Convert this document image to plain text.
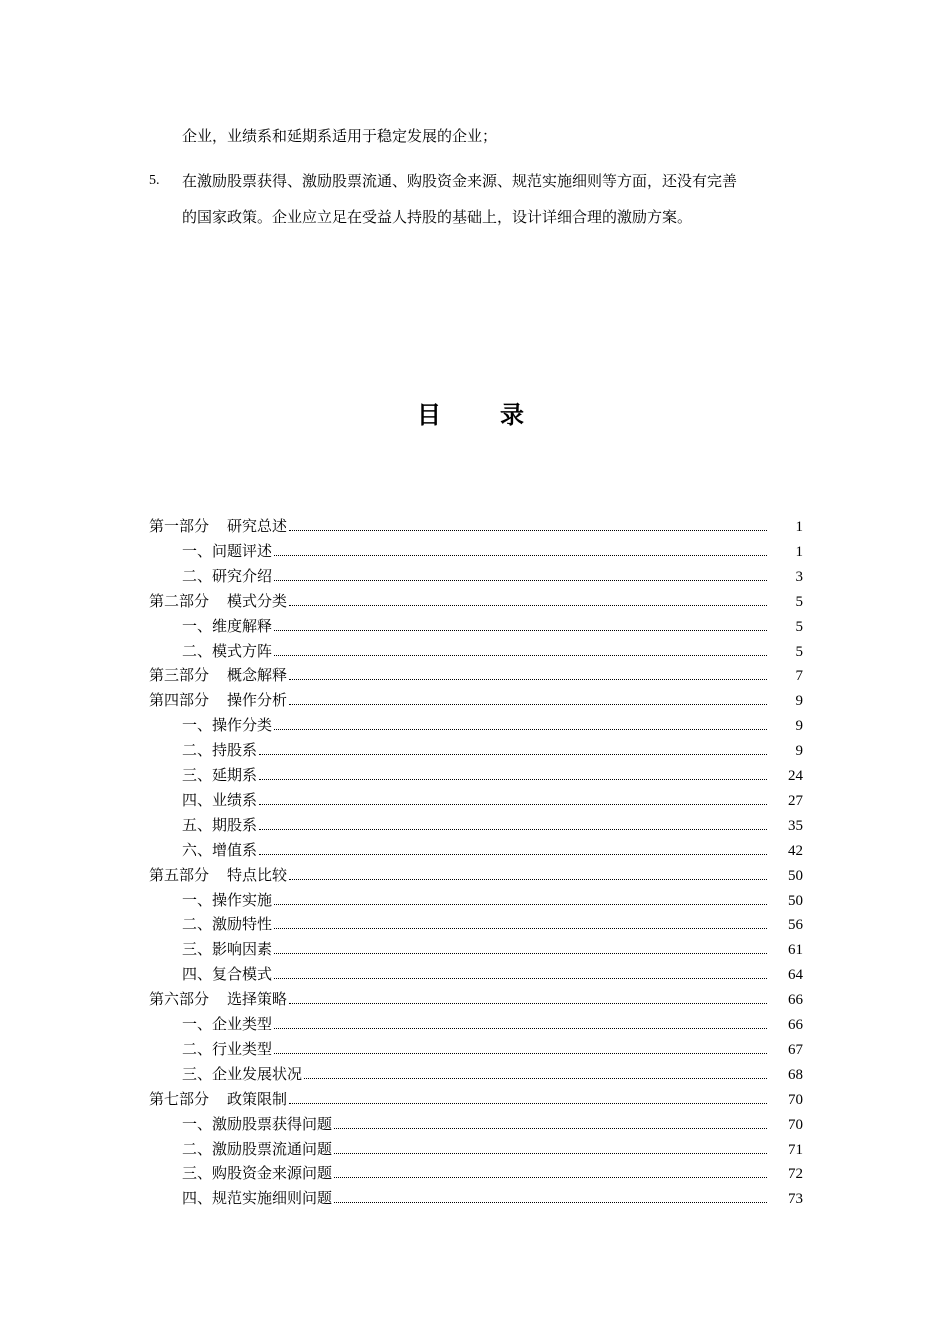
企业，业绩系和延期系适用于稳定发展的企业；
5. 在激励股票获得、激励股票流通、购股资金来源、规范实施细则等方面，还没有完善
的国家政策。企业应立足在受益人持股的基础上，设计详细合理的激励方案。
目 录
第一部分 研究总述	1
一、问题评述	1
二、研究介绍	3
第二部分 模式分类	5
一、维度解释	5
二、模式方阵	5
第三部分 概念解释	7
第四部分 操作分析	9
一、操作分类	9
二、持股系	9
三、延期系	24
四、业绩系	27
五、期股系	35
六、增值系	42
第五部分 特点比较	50
一、操作实施	50
二、激励特性	56
三、影响因素	61
四、复合模式	64
第六部分 选择策略	66
一、企业类型	66
二、行业类型	67
三、企业发展状况	68
第七部分 政策限制	70
一、激励股票获得问题	70
二、激励股票流通问题	71
三、购股资金来源问题	72
四、规范实施细则问题	73
